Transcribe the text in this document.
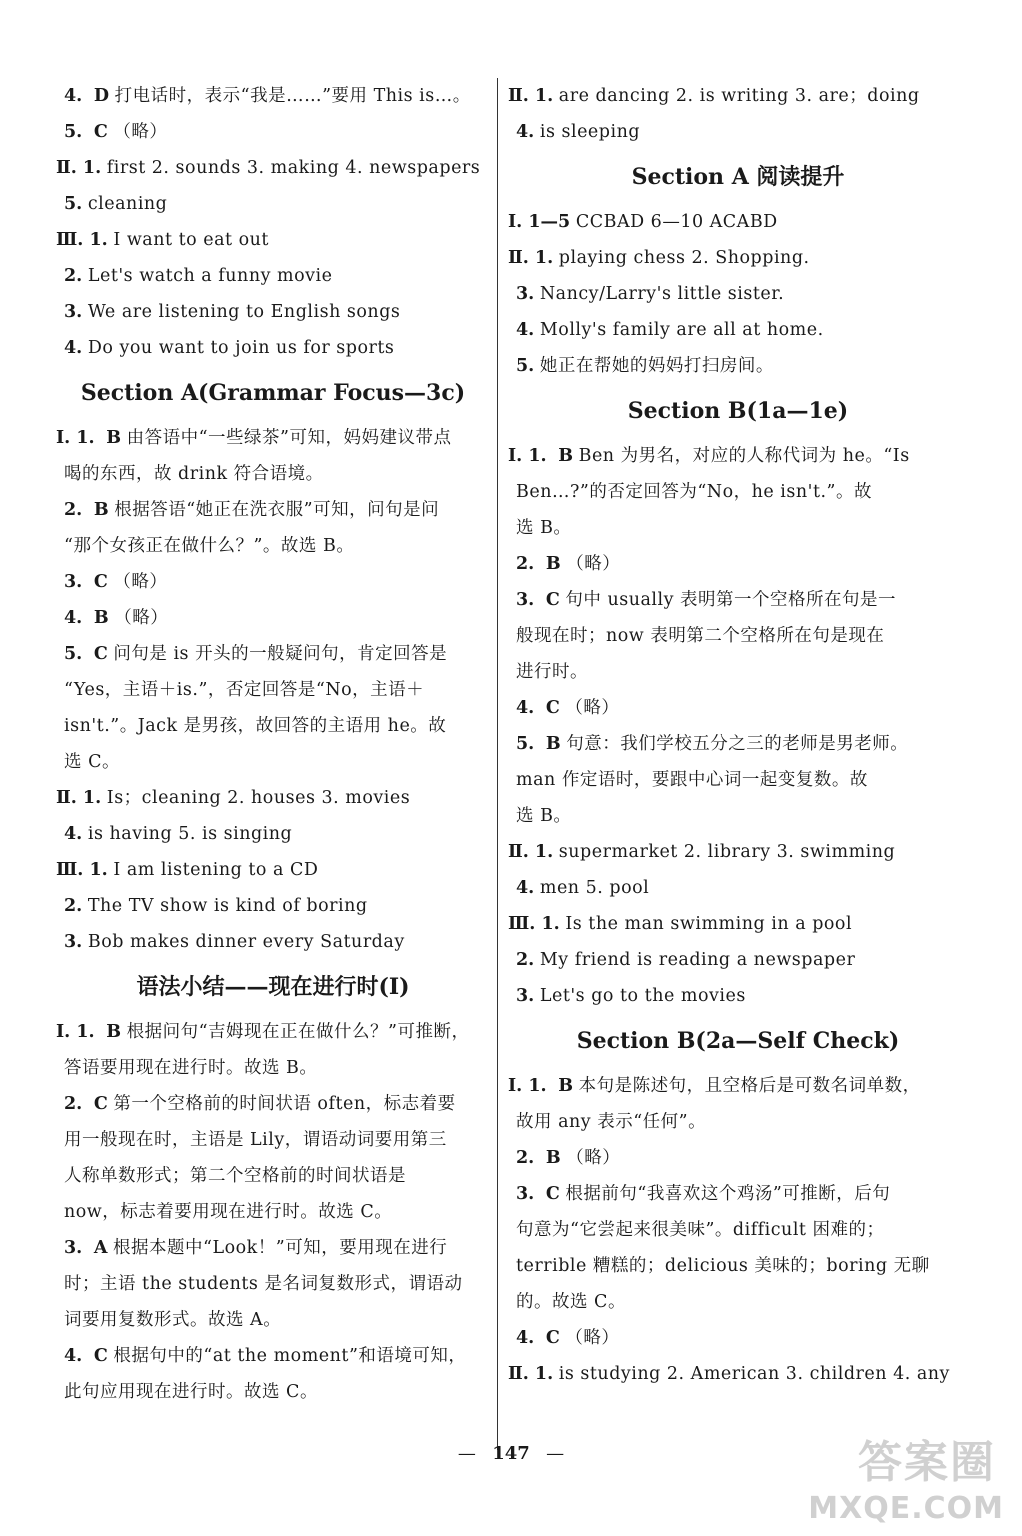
4. D 打电话时，表示“我是……”要用 This is…。
5. C （略）
Ⅱ. 1. first 2. sounds 3. making 4. newspapers
5. cleaning
Ⅲ. 1. I want to eat out
2. Let's watch a funny movie
3. We are listening to English songs
4. Do you want to join us for sports
Section A(Grammar Focus—3c)
Ⅰ. 1. B 由答语中“一些绿茶”可知，妈妈建议带点
喝的东西，故 drink 符合语境。
2. B 根据答语“她正在洗衣服”可知，问句是问
“那个女孩正在做什么？”。故选 B。
3. C （略）
4. B （略）
5. C 问句是 is 开头的一般疑问句，肯定回答是
“Yes，主语＋is.”，否定回答是“No，主语＋
isn't.”。Jack 是男孩，故回答的主语用 he。故
选 C。
Ⅱ. 1. Is；cleaning 2. houses 3. movies
4. is having 5. is singing
Ⅲ. 1. I am listening to a CD
2. The TV show is kind of boring
3. Bob makes dinner every Saturday
语法小结——现在进行时(Ⅰ)
Ⅰ. 1. B 根据问句“吉姆现在正在做什么？”可推断，
答语要用现在进行时。故选 B。
2. C 第一个空格前的时间状语 often，标志着要
用一般现在时，主语是 Lily，谓语动词要用第三
人称单数形式；第二个空格前的时间状语是
now，标志着要用现在进行时。故选 C。
3. A 根据本题中“Look！”可知，要用现在进行
时；主语 the students 是名词复数形式，谓语动
词要用复数形式。故选 A。
4. C 根据句中的“at the moment”和语境可知，
此句应用现在进行时。故选 C。
Ⅱ. 1. are dancing 2. is writing 3. are；doing
4. is sleeping
Section A 阅读提升
Ⅰ. 1—5 CCBAD 6—10 ACABD
Ⅱ. 1. playing chess 2. Shopping.
3. Nancy/Larry's little sister.
4. Molly's family are all at home.
5. 她正在帮她的妈妈打扫房间。
Section B(1a—1e)
Ⅰ. 1. B Ben 为男名，对应的人称代词为 he。“Is
Ben…?”的否定回答为“No，he isn't.”。故
选 B。
2. B （略）
3. C 句中 usually 表明第一个空格所在句是一
般现在时；now 表明第二个空格所在句是现在
进行时。
4. C （略）
5. B 句意：我们学校五分之三的老师是男老师。
man 作定语时，要跟中心词一起变复数。故
选 B。
Ⅱ. 1. supermarket 2. library 3. swimming
4. men 5. pool
Ⅲ. 1. Is the man swimming in a pool
2. My friend is reading a newspaper
3. Let's go to the movies
Section B(2a—Self Check)
Ⅰ. 1. B 本句是陈述句，且空格后是可数名词单数，
故用 any 表示“任何”。
2. B （略）
3. C 根据前句“我喜欢这个鸡汤”可推断，后句
句意为“它尝起来很美味”。difficult 困难的；
terrible 糟糕的；delicious 美味的；boring 无聊
的。故选 C。
4. C （略）
Ⅱ. 1. is studying 2. American 3. children 4. any
— 147 —	答案圈
MXQE.COM
